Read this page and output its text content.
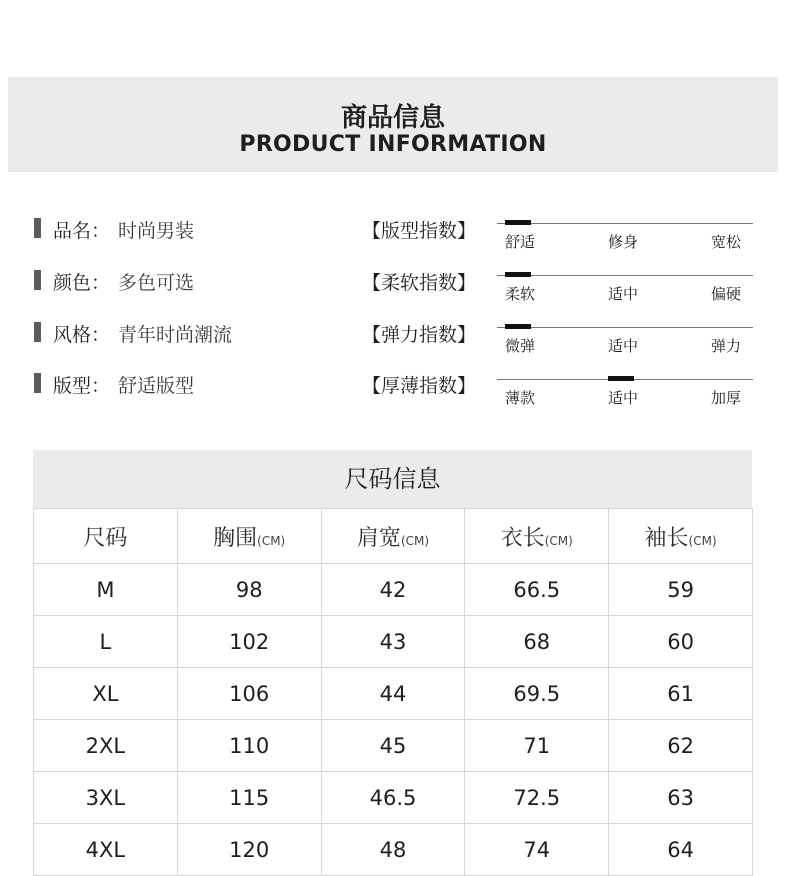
商品信息
PRODUCT INFORMATION
品名： 时尚男装
颜色： 多色可选
风格： 青年时尚潮流
版型： 舒适版型
【版型指数】 舒适	修身	宽松
【柔软指数】 柔软	适中	偏硬
【弹力指数】 微弹	适中	弹力
【厚薄指数】
薄款	适中	加厚
尺码信息
尺码	胸围(CM)	肩宽(CM)	衣长(CM)	袖长(CM)
M	98	42	66.5	59
L	102	43	68	60
XL	106	44	69.5	61
2XL	110	45	71	62
3XL	115	46.5	72.5	63
4XL	120	48	74	64
